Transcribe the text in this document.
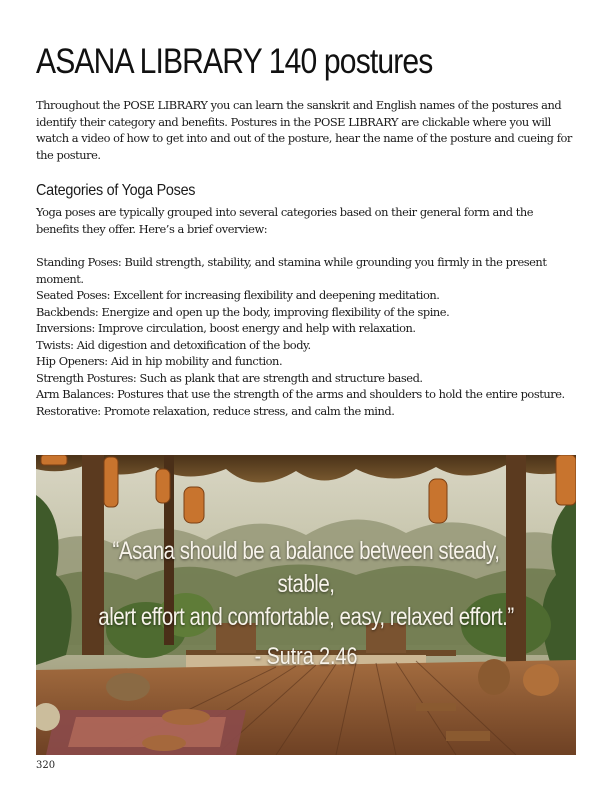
ASANA LIBRARY 140 postures

Throughout the POSE LIBRARY you can learn the sanskrit and English names of the postures and identify their category and benefits. Postures in the POSE LIBRARY are clickable where you will watch a video of how to get into and out of the posture, hear the name of the posture and cueing for the posture.

Categories of Yoga Poses

Yoga poses are typically grouped into several categories based on their general form and the benefits they offer. Here’s a brief overview:

Standing Poses: Build strength, stability, and stamina while grounding you firmly in the present moment.
Seated Poses: Excellent for increasing flexibility and deepening meditation.
Backbends: Energize and open up the body, improving flexibility of the spine.
Inversions: Improve circulation, boost energy and help with relaxation.
Twists: Aid digestion and detoxification of the body.
Hip Openers: Aid in hip mobility and function.
Strength Postures: Such as plank that are strength and structure based.
Arm Balances: Postures that use the strength of the arms and shoulders to hold the entire posture.
Restorative: Promote relaxation, reduce stress, and calm the mind.

“Asana should be a balance between steady, stable,
alert effort and comfortable, easy, relaxed effort.”

- Sutra 2.46

320
